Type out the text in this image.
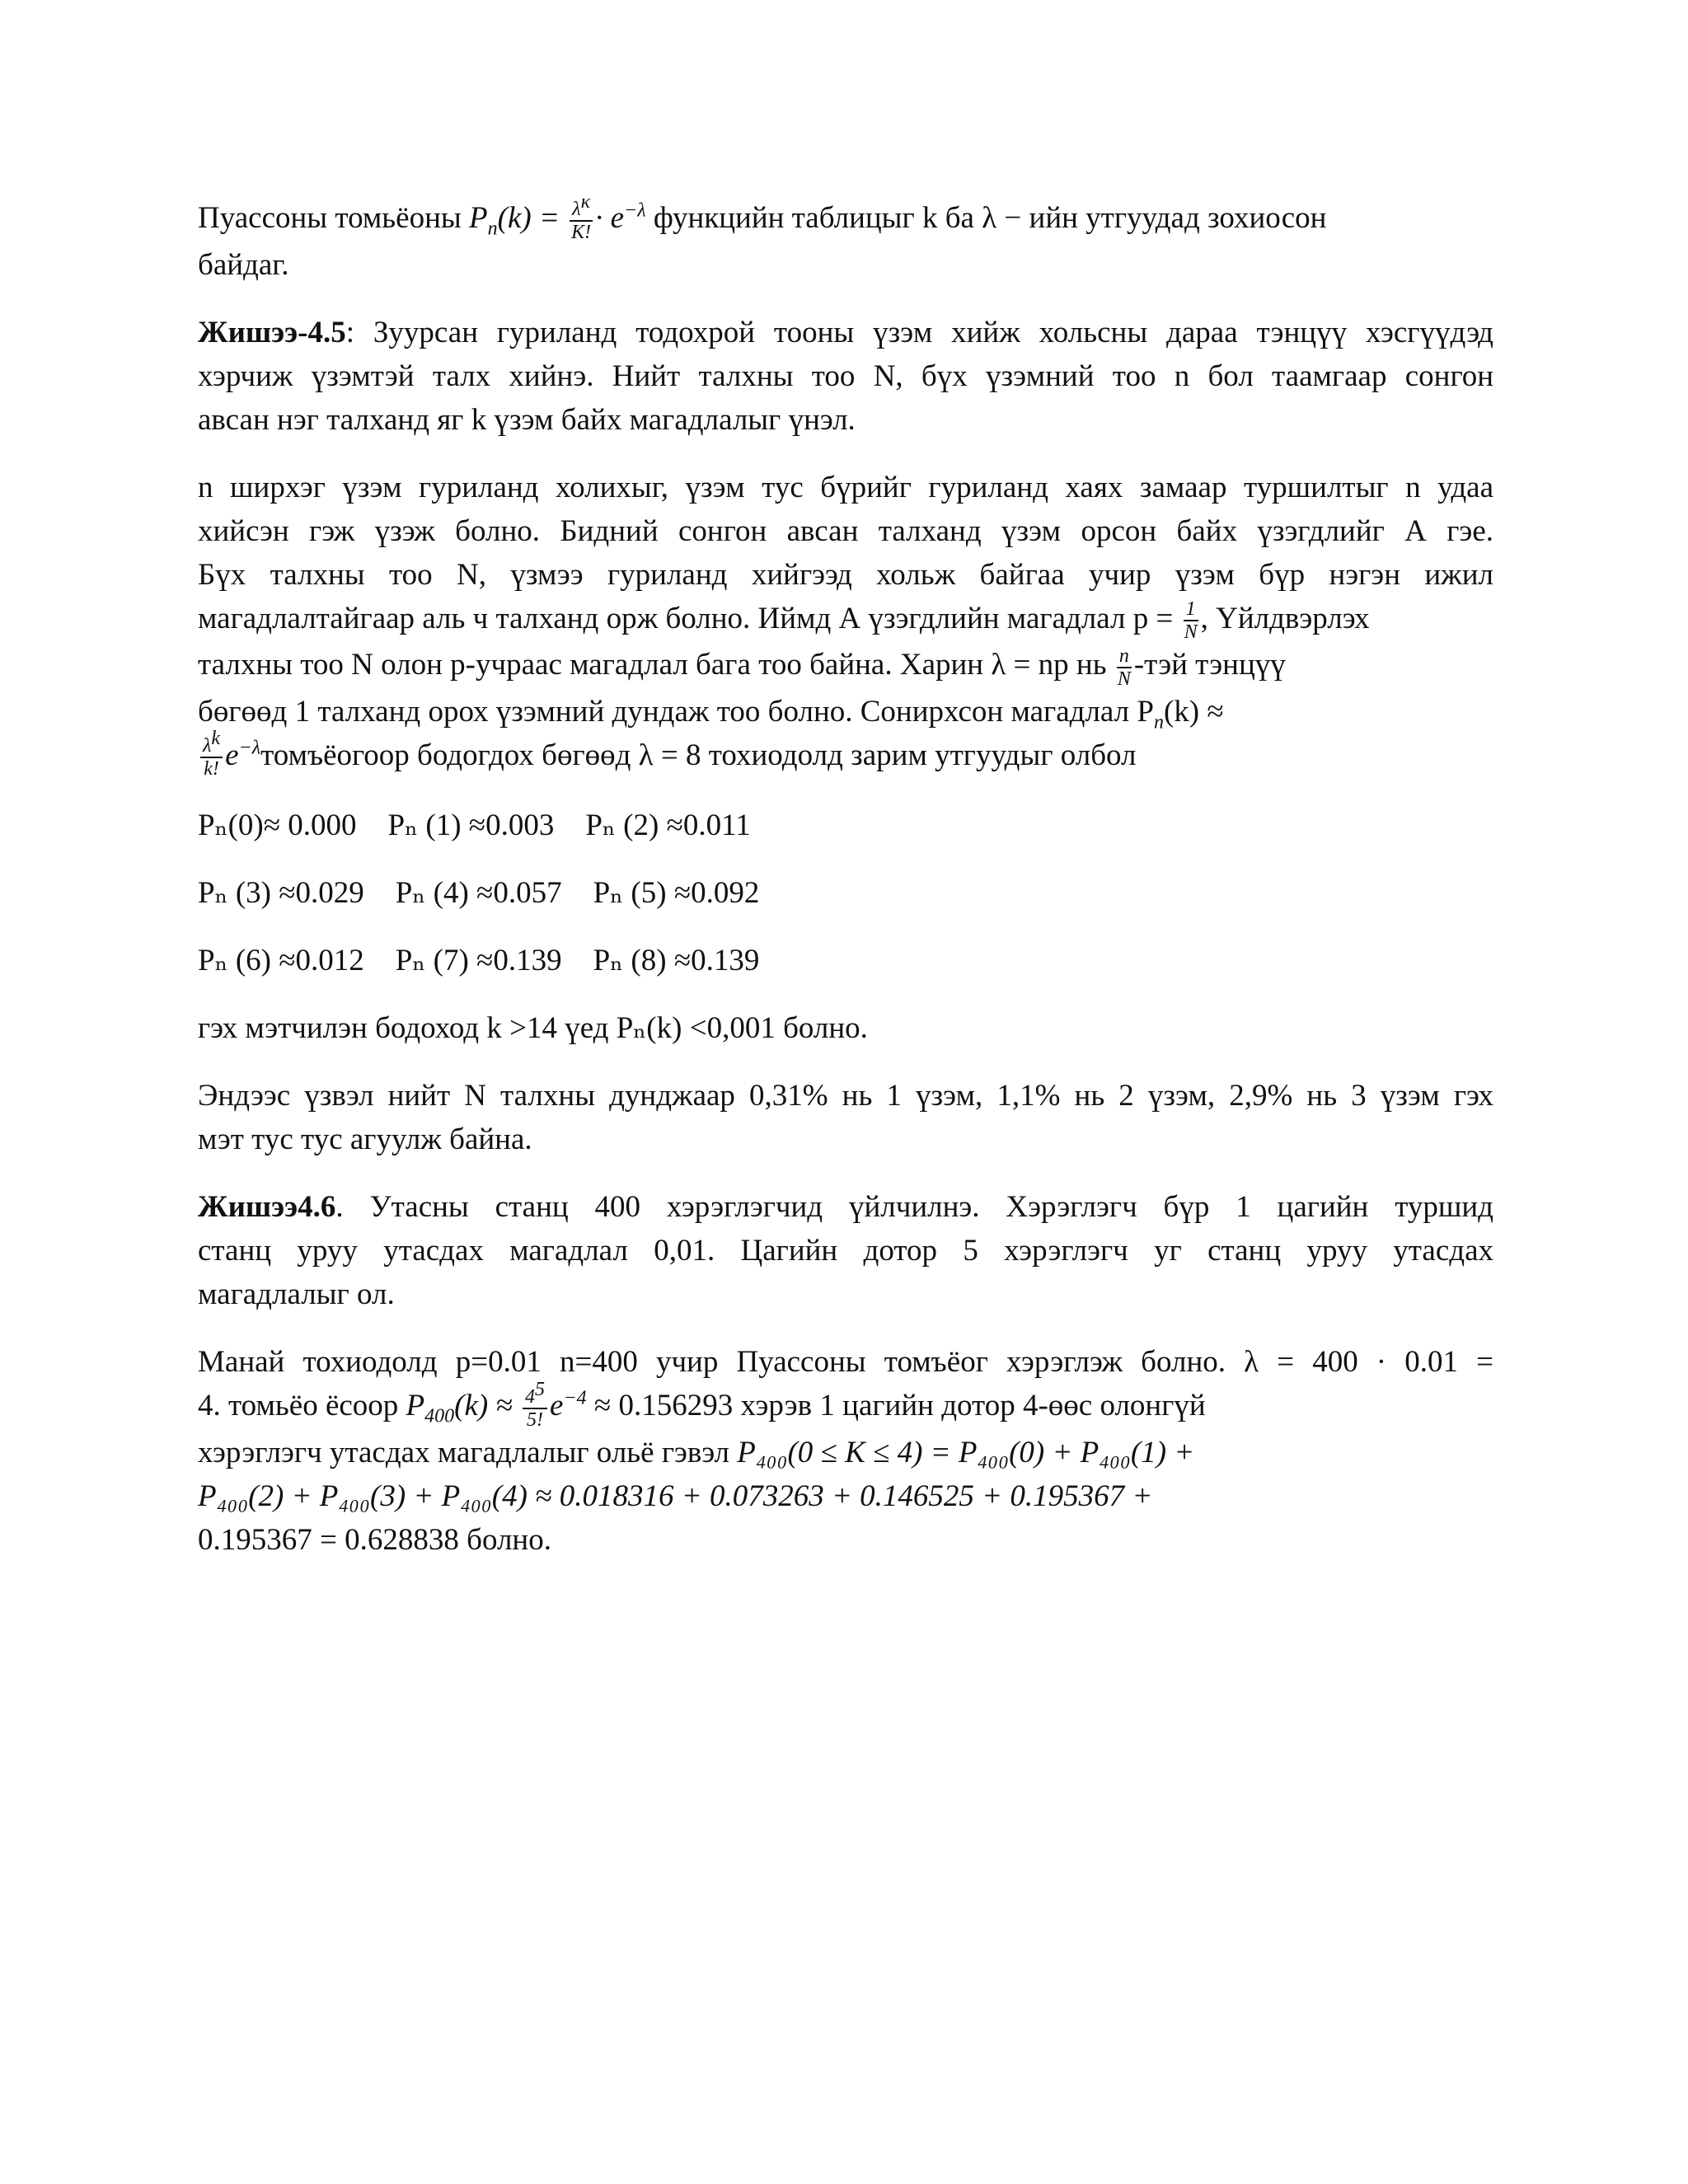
Пуассоны томьёоны $P_n(k) = \frac{\lambda^\kappa}{K!} \cdot e^{-\lambda}$ функцийн таблицыг k ба λ − ийн утгуудад зохиосон
байдаг.
Жишээ-4.5: Зуурсан гуриланд тодохрой тооны үзэм хийж хольсны дараа тэнцүү хэсгүүдэд
хэрчиж үзэмтэй талх хийнэ. Нийт талхны тоо N, бүх үзэмний тоо n бол таамгаар сонгон
авсан нэг талханд яг k үзэм байх магадлалыг үнэл.
n ширхэг үзэм гуриланд холихыг, үзэм тус бүрийг гуриланд хаях замаар туршилтыг n удаа
хийсэн гэж үзэж болно. Бидний сонгон авсан талханд үзэм орсон байх үзэгдлийг А гэе.
Бүх талхны тоо N, үзмээ гуриланд хийгээд хольж байгаа учир үзэм бүр нэгэн ижил
магадлалтайгаар аль ч талханд орж болно. Иймд А үзэгдлийн магадлал $p = \frac{1}{N}$ , Үйлдвэрлэх
талхны тоо N олон р-учраас магадлал бага тоо байна. Харин λ = np нь $\frac{n}{N} -тэй$ тэнцүү
бөгөөд 1 талханд орох үзэмний дундаж тоо болно. Сонирхсон магадлал $P_n(k)$ ≈
$\frac{\lambda^k}{k!}$ $e^{-\lambda}томъёогоор$ бодогдох бөгөөд λ = 8 тохиодолд зарим утгуудыг олбол
Pₙ(0)≈ 0.000 Pₙ (1) ≈0.003 Pₙ (2) ≈0.011
Pₙ (3) ≈0.029 Pₙ (4) ≈0.057 Pₙ (5) ≈0.092
Pₙ (6) ≈0.012 Pₙ (7) ≈0.139 Pₙ (8) ≈0.139
гэх мэтчилэн бодоход k >14 үед Pₙ(k) <0,001 болно.
Эндээс үзвэл нийт N талхны дунджаар 0,31% нь 1 үзэм, 1,1% нь 2 үзэм, 2,9% нь 3 үзэм гэх
мэт тус тус агуулж байна.
Жишээ4.6. Утасны станц 400 хэрэглэгчид үйлчилнэ. Хэрэглэгч бүр 1 цагийн туршид
станц уруу утасдах магадлал 0,01. Цагийн дотор 5 хэрэглэгч уг станц уруу утасдах
магадлалыг ол.
Манай тохиодолд p=0.01 n=400 учир Пуассоны томъёог хэрэглэж болно. λ = 400 · 0.01 =
4. томьёо ёсоор $P_{400}(k) \approx \frac{4^5}{5!} e^{-4} \approx 0.156293$ хэрэв 1 цагийн дотор 4-өөс олонгүй
хэрэглэгч утасдах магадлалыг ольё гэвэл P₄₀₀(0 ≤ K ≤ 4) = P₄₀₀(0) + P₄₀₀(1) +
P₄₀₀(2) + P₄₀₀(3) + P₄₀₀(4) ≈ 0.018316 + 0.073263 + 0.146525 + 0.195367 +
0.195367 = 0.628838 болно.
